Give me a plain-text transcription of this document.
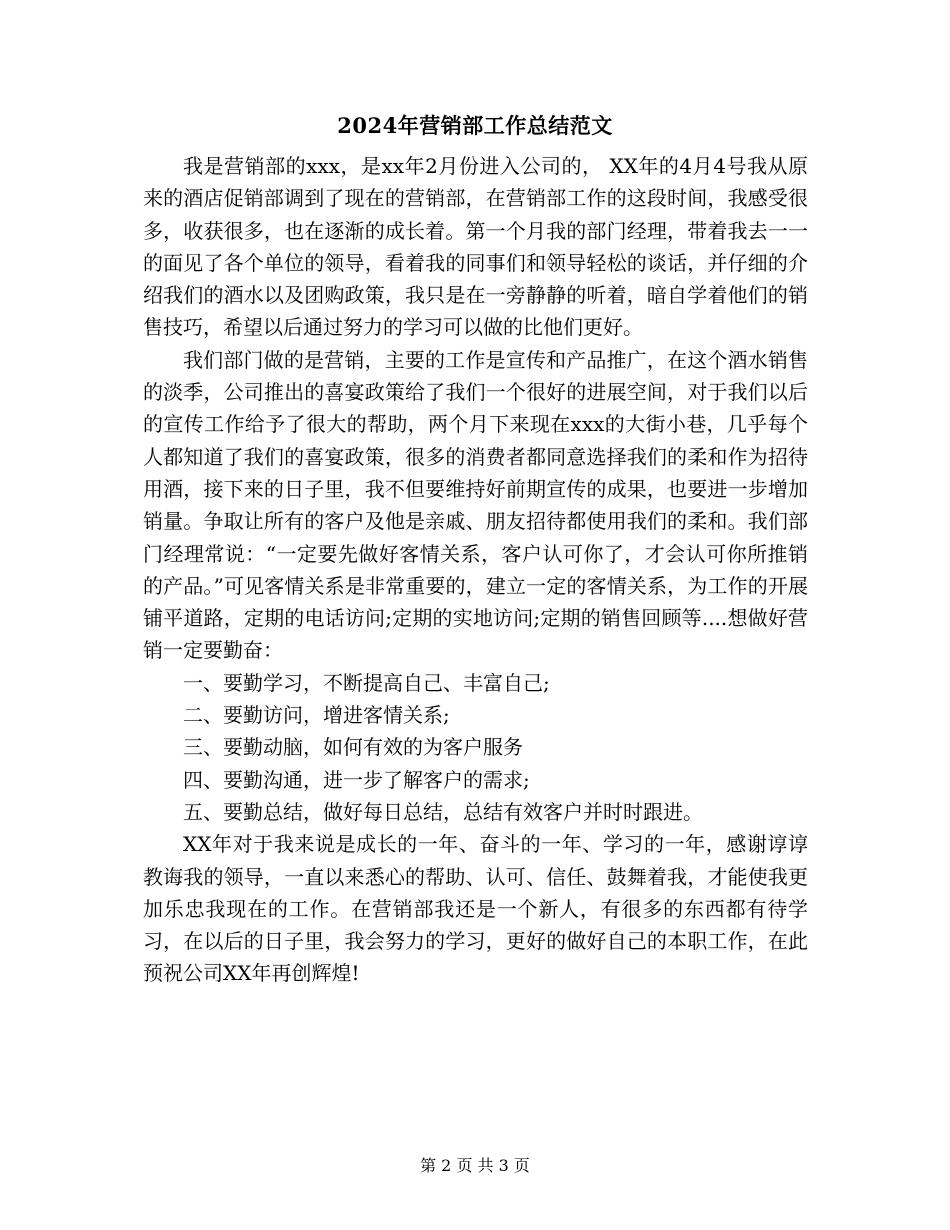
2024年营销部工作总结范文

我是营销部的xxx，是xx年2月份进入公司的， XX年的4月4号我从原来的酒店促销部调到了现在的营销部，在营销部工作的这段时间，我感受很多，收获很多，也在逐渐的成长着。第一个月我的部门经理，带着我去一一的面见了各个单位的领导，看着我的同事们和领导轻松的谈话，并仔细的介绍我们的酒水以及团购政策，我只是在一旁静静的听着，暗自学着他们的销售技巧，希望以后通过努力的学习可以做的比他们更好。

我们部门做的是营销，主要的工作是宣传和产品推广，在这个酒水销售的淡季，公司推出的喜宴政策给了我们一个很好的进展空间，对于我们以后的宣传工作给予了很大的帮助，两个月下来现在xxx的大街小巷，几乎每个人都知道了我们的喜宴政策，很多的消费者都同意选择我们的柔和作为招待用酒，接下来的日子里，我不但要维持好前期宣传的成果，也要进一步增加销量。争取让所有的客户及他是亲戚、朋友招待都使用我们的柔和。我们部门经理常说：“一定要先做好客情关系，客户认可你了，才会认可你所推销的产品。”可见客情关系是非常重要的，建立一定的客情关系，为工作的开展铺平道路，定期的电话访问;定期的实地访问;定期的销售回顾等....想做好营销一定要勤奋：

一、要勤学习，不断提高自己、丰富自己;

二、要勤访问，增进客情关系;

三、要勤动脑，如何有效的为客户服务

四、要勤沟通，进一步了解客户的需求;

五、要勤总结，做好每日总结，总结有效客户并时时跟进。

XX年对于我来说是成长的一年、奋斗的一年、学习的一年，感谢谆谆教诲我的领导，一直以来悉心的帮助、认可、信任、鼓舞着我，才能使我更加乐忠我现在的工作。在营销部我还是一个新人，有很多的东西都有待学习，在以后的日子里，我会努力的学习，更好的做好自己的本职工作，在此预祝公司XX年再创辉煌!

第 2 页 共 3 页
